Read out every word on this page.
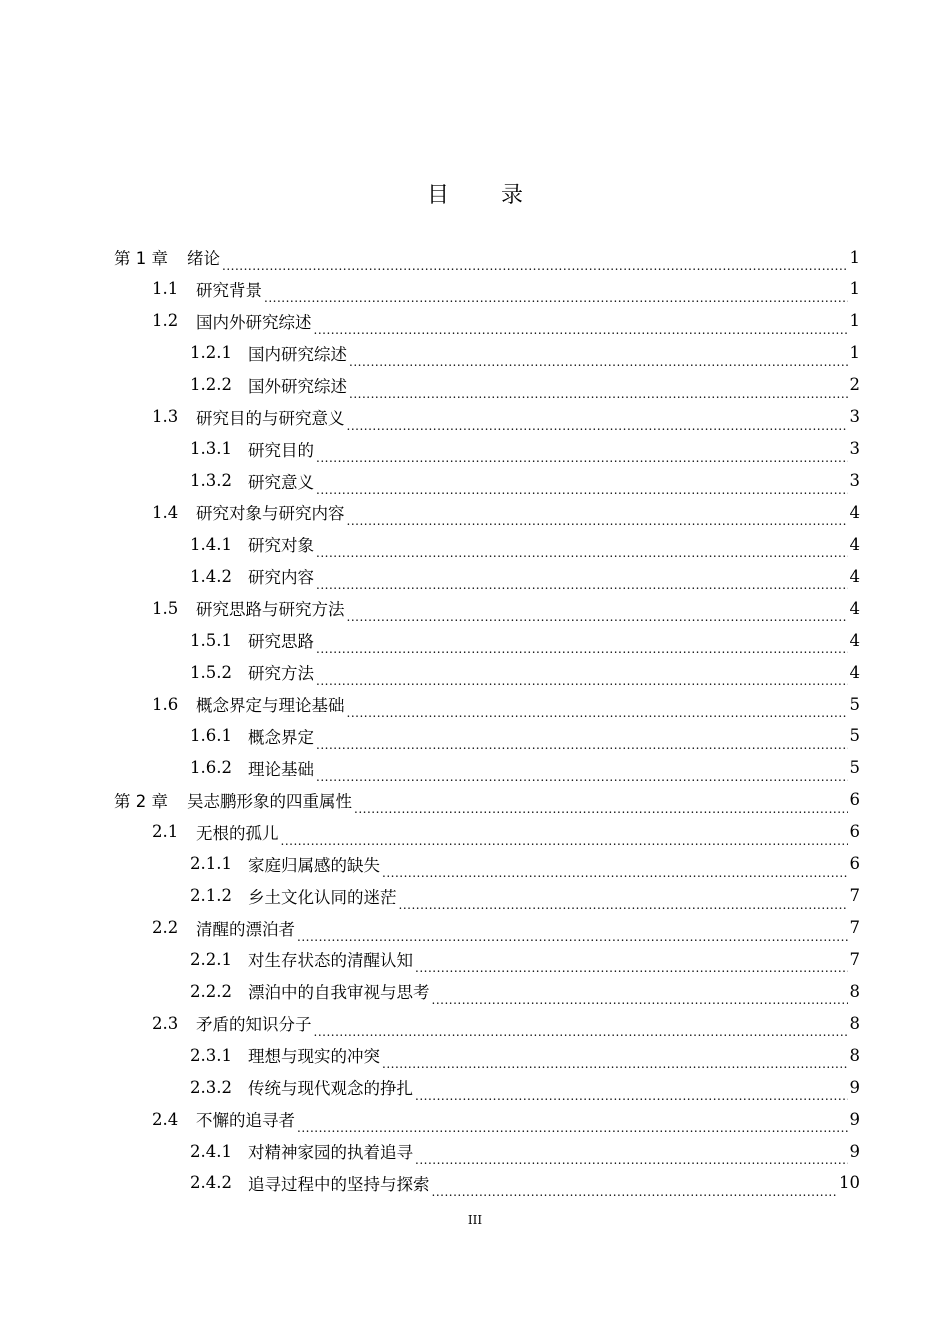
目 录
第 1 章	绪论 .....	1
1.1 研究背景 .....	1
1.2 国内外研究综述 .....	1
1.2.1 国内研究综述 .....	1
1.2.2 国外研究综述 .....	2
1.3 研究目的与研究意义 .....	3
1.3.1 研究目的 .....	3
1.3.2 研究意义 .....	3
1.4 研究对象与研究内容 .....	4
1.4.1 研究对象 .....	4
1.4.2 研究内容 .....	4
1.5 研究思路与研究方法 .....	4
1.5.1 研究思路 .....	4
1.5.2 研究方法 .....	4
1.6 概念界定与理论基础 .....	5
1.6.1 概念界定 .....	5
1.6.2 理论基础 .....	5
第 2 章	吴志鹏形象的四重属性 .....	6
2.1 无根的孤儿 .....	6
2.1.1 家庭归属感的缺失 .....	6
2.1.2 乡土文化认同的迷茫 .....	7
2.2 清醒的漂泊者 .....	7
2.2.1 对生存状态的清醒认知 .....	7
2.2.2 漂泊中的自我审视与思考 .....	8
2.3 矛盾的知识分子 .....	8
2.3.1 理想与现实的冲突 .....	8
2.3.2 传统与现代观念的挣扎 .....	9
2.4 不懈的追寻者 .....	9
2.4.1 对精神家园的执着追寻 .....	9
2.4.2 追寻过程中的坚持与探索 .....	10
III
